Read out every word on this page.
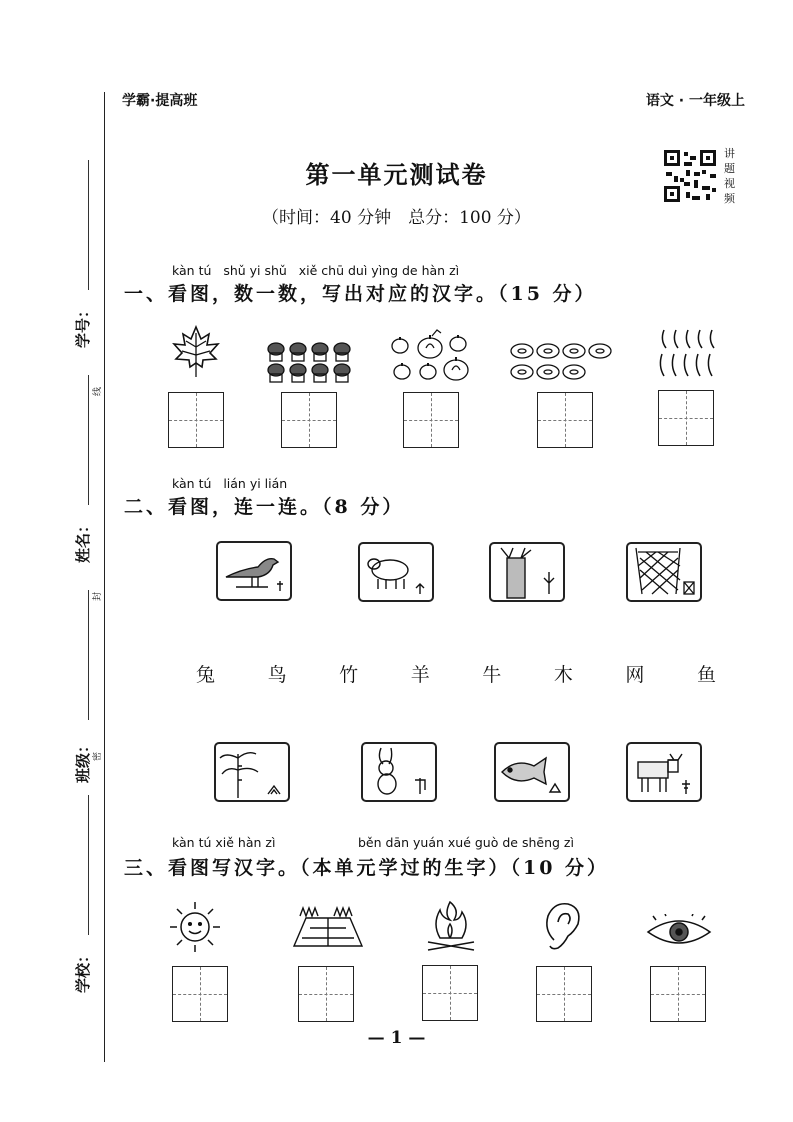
学号：
线
姓名：
封
班级： 密
学校：
学霸·提高班	语文 · 一年级上
第一单元测试卷
（时间：40 分钟　总分：100 分）
讲题视频
kàn tú   shǔ yi shǔ   xiě chū duì yìng de hàn zì
一、看图，数一数，写出对应的汉字。（15 分）
kàn tú   lián yi lián
二、看图，连一连。（8 分）
兔	鸟	竹	羊	牛	木	网	鱼
kàn tú xiě hàn zì	běn dān yuán xué guò de shēng zì
三、看图写汉字。（本单元学过的生字）（10 分）
— 1 —
